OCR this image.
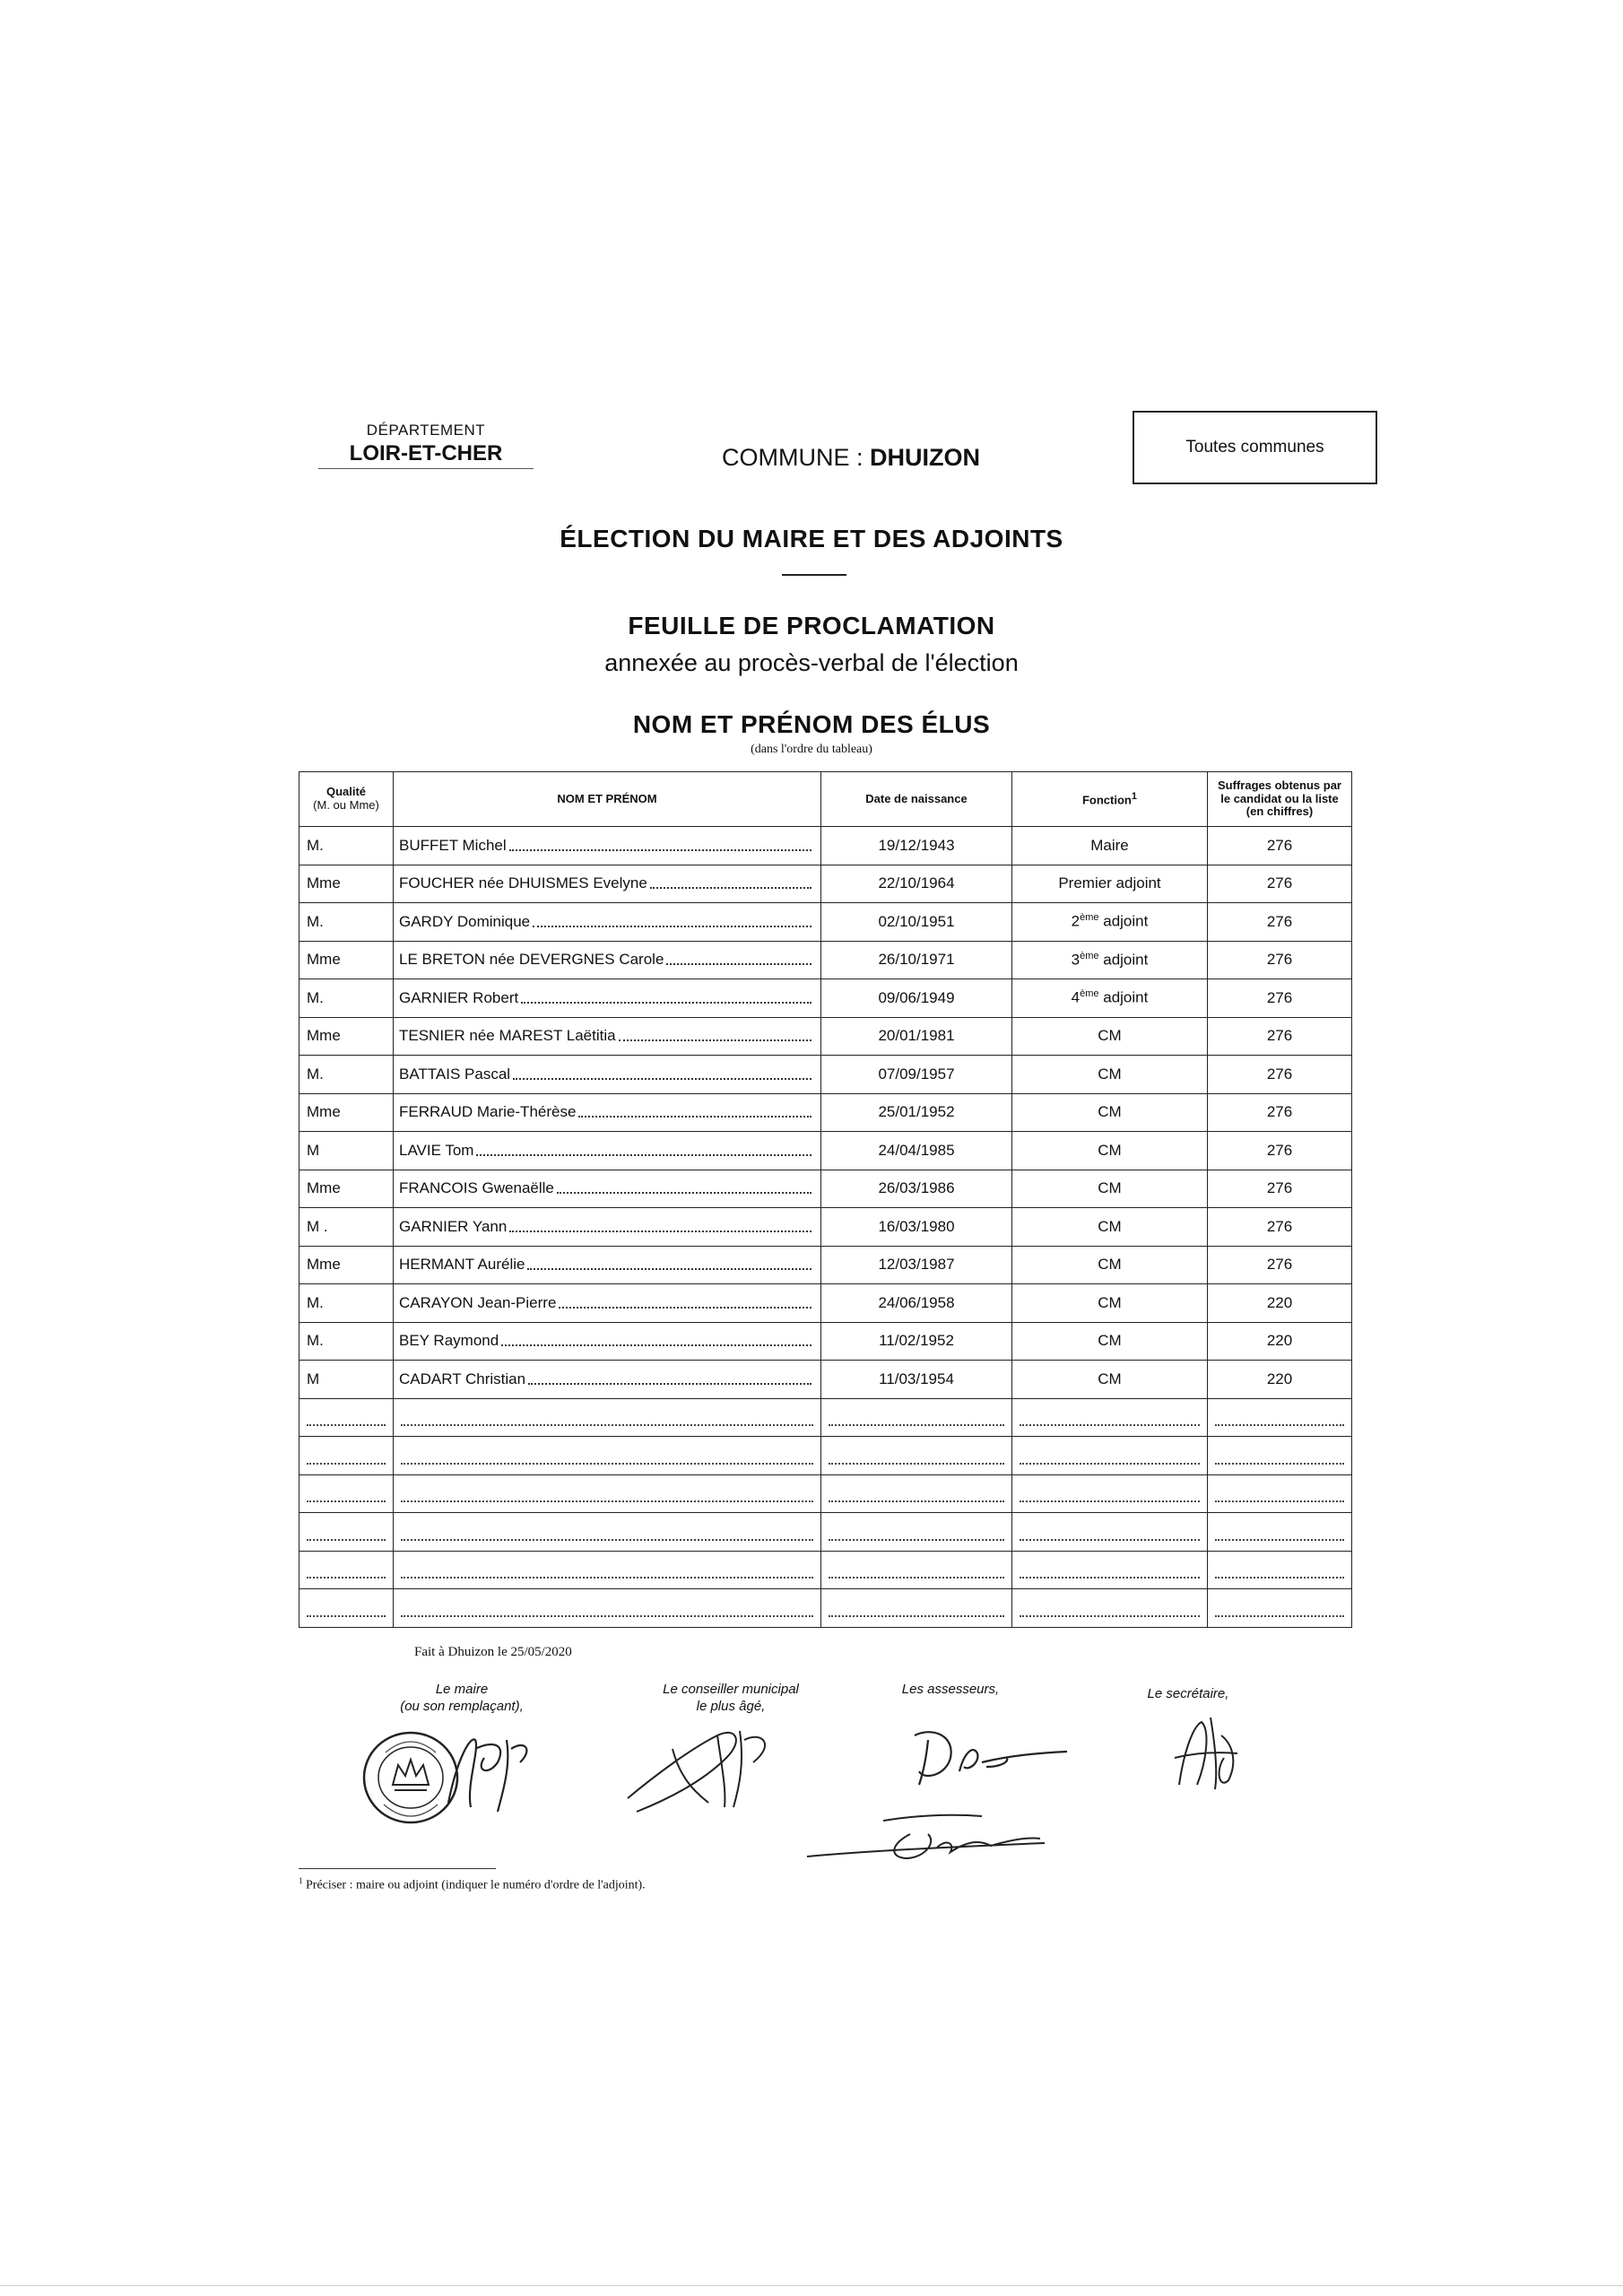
DÉPARTEMENT
LOIR-ET-CHER	COMMUNE : DHUIZON	Toutes communes
ÉLECTION DU MAIRE ET DES ADJOINTS
FEUILLE DE PROCLAMATION
annexée au procès-verbal de l'élection
NOM ET PRÉNOM DES ÉLUS
(dans l'ordre du tableau)
Qualité
(M. ou Mme)	NOM ET PRÉNOM	Date de naissance	Fonction$^1$	Suffrages obtenus par
le candidat ou la liste
(en chiffres)
M.	BUFFET Michel	19/12/1943	Maire	276
Mme	FOUCHER née DHUISMES Evelyne	22/10/1964	Premier adjoint	276
M.	GARDY Dominique	02/10/1951	2ème adjoint	276
Mme	LE BRETON née DEVERGNES Carole	26/10/1971	3ème adjoint	276
M.	GARNIER Robert	09/06/1949	4ème adjoint	276
Mme	TESNIER née MAREST Laëtitia	20/01/1981	CM	276
M.	BATTAIS Pascal	07/09/1957	CM	276
Mme	FERRAUD Marie-Thérèse	25/01/1952	CM	276
M	LAVIE Tom	24/04/1985	CM	276
Mme	FRANCOIS Gwenaëlle	26/03/1986	CM	276
M .	GARNIER Yann	16/03/1980	CM	276
Mme	HERMANT Aurélie	12/03/1987	CM	276
M.	CARAYON Jean-Pierre	24/06/1958	CM	220
M.	BEY Raymond	11/02/1952	CM	220
M	CADART Christian	11/03/1954	CM	220

Fait à Dhuizon le 25/05/2020
Le maire
(ou son remplaçant),
Le conseiller municipal
le plus âgé,
Les assesseurs,	Le secrétaire,
$^1$ Préciser : maire ou adjoint (indiquer le numéro d'ordre de l'adjoint).
